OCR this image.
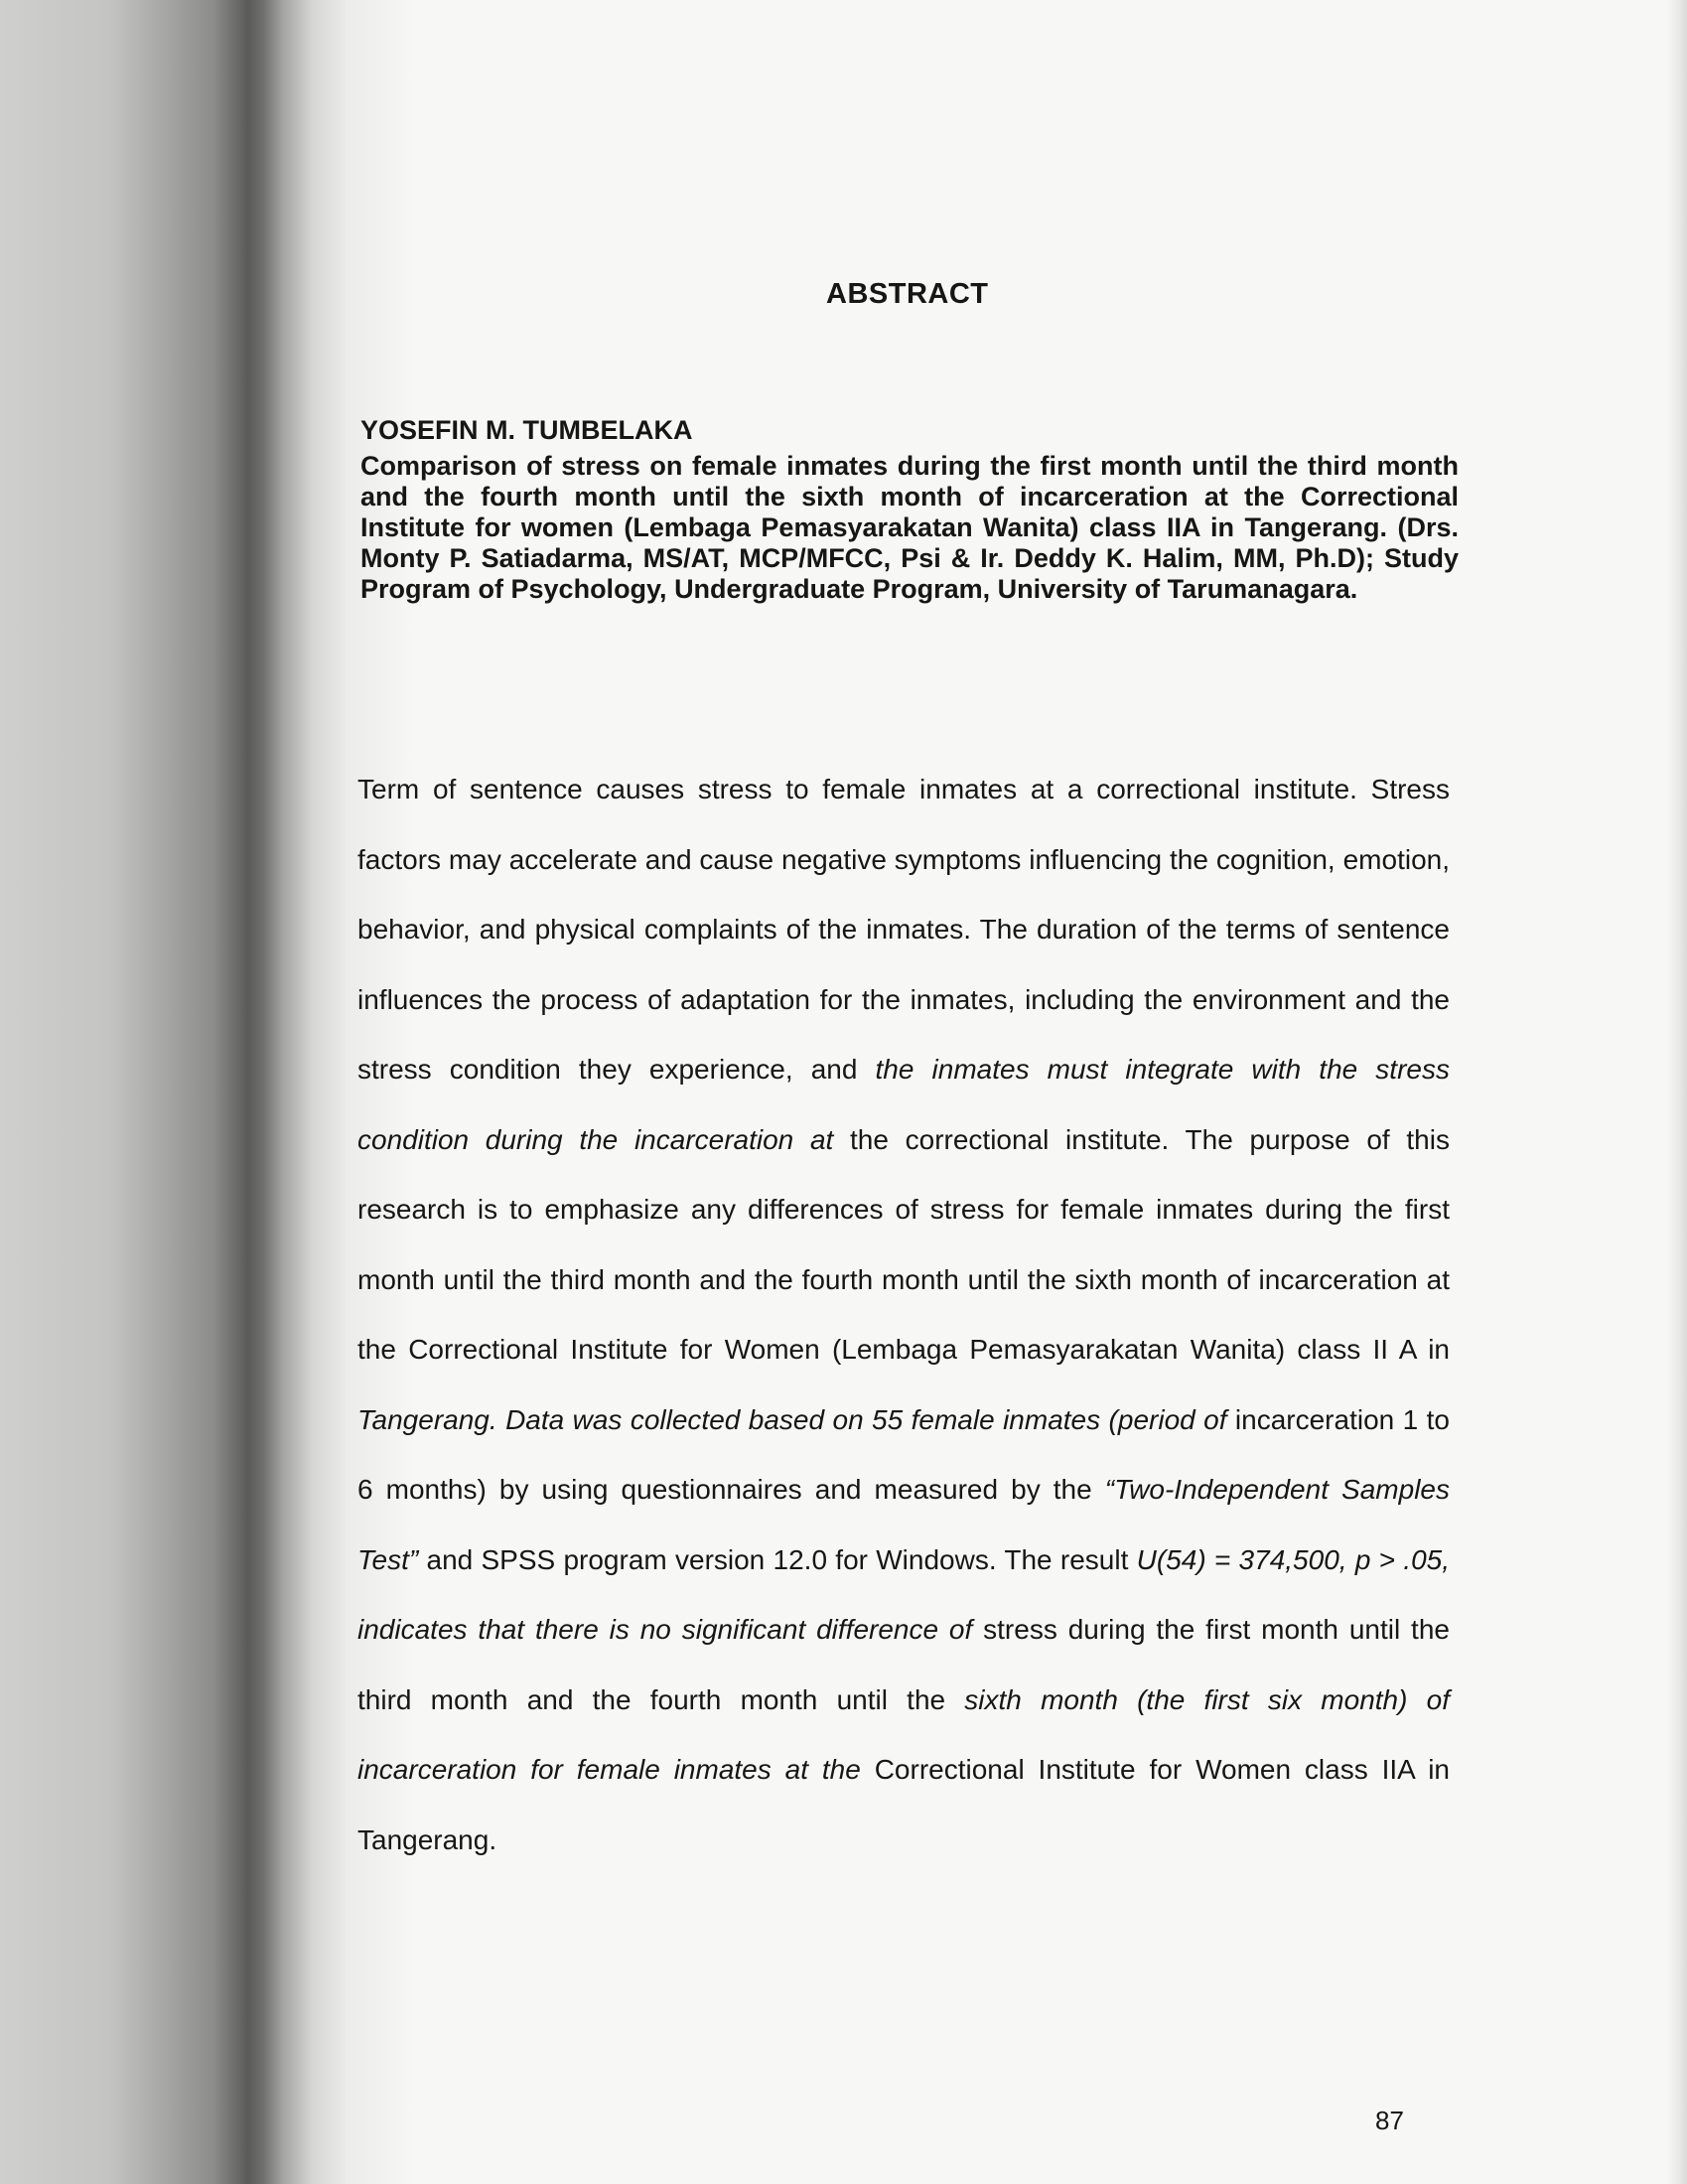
ABSTRACT

YOSEFIN M. TUMBELAKA

Comparison of stress on female inmates during the first month until the third month and the fourth month until the sixth month of incarceration at the Correctional Institute for women (Lembaga Pemasyarakatan Wanita) class IIA in Tangerang. (Drs. Monty P. Satiadarma, MS/AT, MCP/MFCC, Psi & Ir. Deddy K. Halim, MM, Ph.D); Study Program of Psychology, Undergraduate Program, University of Tarumanagara.

Term of sentence causes stress to female inmates at a correctional institute. Stress factors may accelerate and cause negative symptoms influencing the cognition, emotion, behavior, and physical complaints of the inmates. The duration of the terms of sentence influences the process of adaptation for the inmates, including the environment and the stress condition they experience, and the inmates must integrate with the stress condition during the incarceration at the correctional institute. The purpose of this research is to emphasize any differences of stress for female inmates during the first month until the third month and the fourth month until the sixth month of incarceration at the Correctional Institute for Women (Lembaga Pemasyarakatan Wanita) class II A in Tangerang. Data was collected based on 55 female inmates (period of incarceration 1 to 6 months) by using questionnaires and measured by the “Two-Independent Samples Test” and SPSS program version 12.0 for Windows. The result U(54) = 374,500, p > .05, indicates that there is no significant difference of stress during the first month until the third month and the fourth month until the sixth month (the first six month) of incarceration for female inmates at the Correctional Institute for Women class IIA in Tangerang.

87
